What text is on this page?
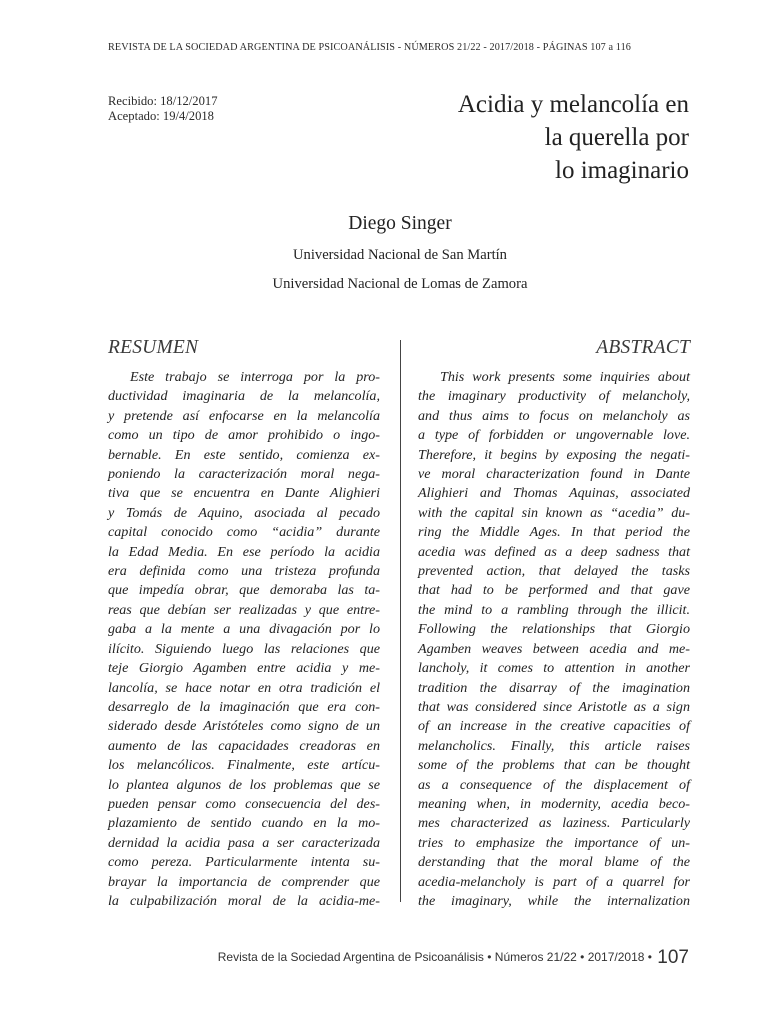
REVISTA DE LA SOCIEDAD ARGENTINA DE PSICOANÁLISIS - NÚMEROS 21/22 - 2017/2018 - PÁGINAS 107 a 116
Recibido: 18/12/2017
Aceptado: 19/4/2018	Acidia y melancolía en
la querella por
lo imaginario
Diego Singer
Universidad Nacional de San Martín
Universidad Nacional de Lomas de Zamora
RESUMEN
Este trabajo se interroga por la pro-
ductividad imaginaria de la melancolía,
y pretende así enfocarse en la melancolía
como un tipo de amor prohibido o ingo-
bernable. En este sentido, comienza ex-
poniendo la caracterización moral nega-
tiva que se encuentra en Dante Alighieri
y Tomás de Aquino, asociada al pecado
capital conocido como “acidia” durante
la Edad Media. En ese período la acidia
era definida como una tristeza profunda
que impedía obrar, que demoraba las ta-
reas que debían ser realizadas y que entre-
gaba a la mente a una divagación por lo
ilícito. Siguiendo luego las relaciones que
teje Giorgio Agamben entre acidia y me-
lancolía, se hace notar en otra tradición el
desarreglo de la imaginación que era con-
siderado desde Aristóteles como signo de un
aumento de las capacidades creadoras en
los melancólicos. Finalmente, este artícu-
lo plantea algunos de los problemas que se
pueden pensar como consecuencia del des-
plazamiento de sentido cuando en la mo-
dernidad la acidia pasa a ser caracterizada
como pereza. Particularmente intenta su-
brayar la importancia de comprender que
la culpabilización moral de la acidia-me-
ABSTRACT
This work presents some inquiries about
the imaginary productivity of melancholy,
and thus aims to focus on melancholy as
a type of forbidden or ungovernable love.
Therefore, it begins by exposing the negati-
ve moral characterization found in Dante
Alighieri and Thomas Aquinas, associated
with the capital sin known as “acedia” du-
ring the Middle Ages. In that period the
acedia was defined as a deep sadness that
prevented action, that delayed the tasks
that had to be performed and that gave
the mind to a rambling through the illicit.
Following the relationships that Giorgio
Agamben weaves between acedia and me-
lancholy, it comes to attention in another
tradition the disarray of the imagination
that was considered since Aristotle as a sign
of an increase in the creative capacities of
melancholics. Finally, this article raises
some of the problems that can be thought
as a consequence of the displacement of
meaning when, in modernity, acedia beco-
mes characterized as laziness. Particularly
tries to emphasize the importance of un-
derstanding that the moral blame of the
acedia-melancholy is part of a quarrel for
the imaginary, while the internalization
Revista de la Sociedad Argentina de Psicoanálisis • Números 21/22 • 2017/2018 • 107
